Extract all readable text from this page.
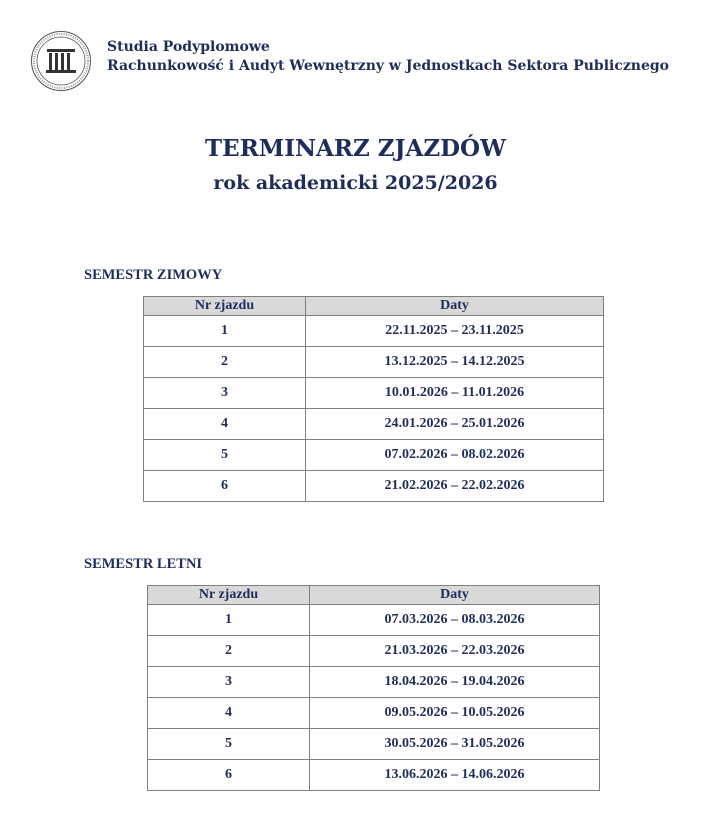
Studia Podyplomowe
Rachunkowość i Audyt Wewnętrzny w Jednostkach Sektora Publicznego
TERMINARZ ZJAZDÓW
rok akademicki 2025/2026
SEMESTR ZIMOWY
Nr zjazdu	Daty
1	22.11.2025 – 23.11.2025
2	13.12.2025 – 14.12.2025
3	10.01.2026 – 11.01.2026
4	24.01.2026 – 25.01.2026
5	07.02.2026 – 08.02.2026
6	21.02.2026 – 22.02.2026
SEMESTR LETNI
Nr zjazdu	Daty
1	07.03.2026 – 08.03.2026
2	21.03.2026 – 22.03.2026
3	18.04.2026 – 19.04.2026
4	09.05.2026 – 10.05.2026
5	30.05.2026 – 31.05.2026
6	13.06.2026 – 14.06.2026
